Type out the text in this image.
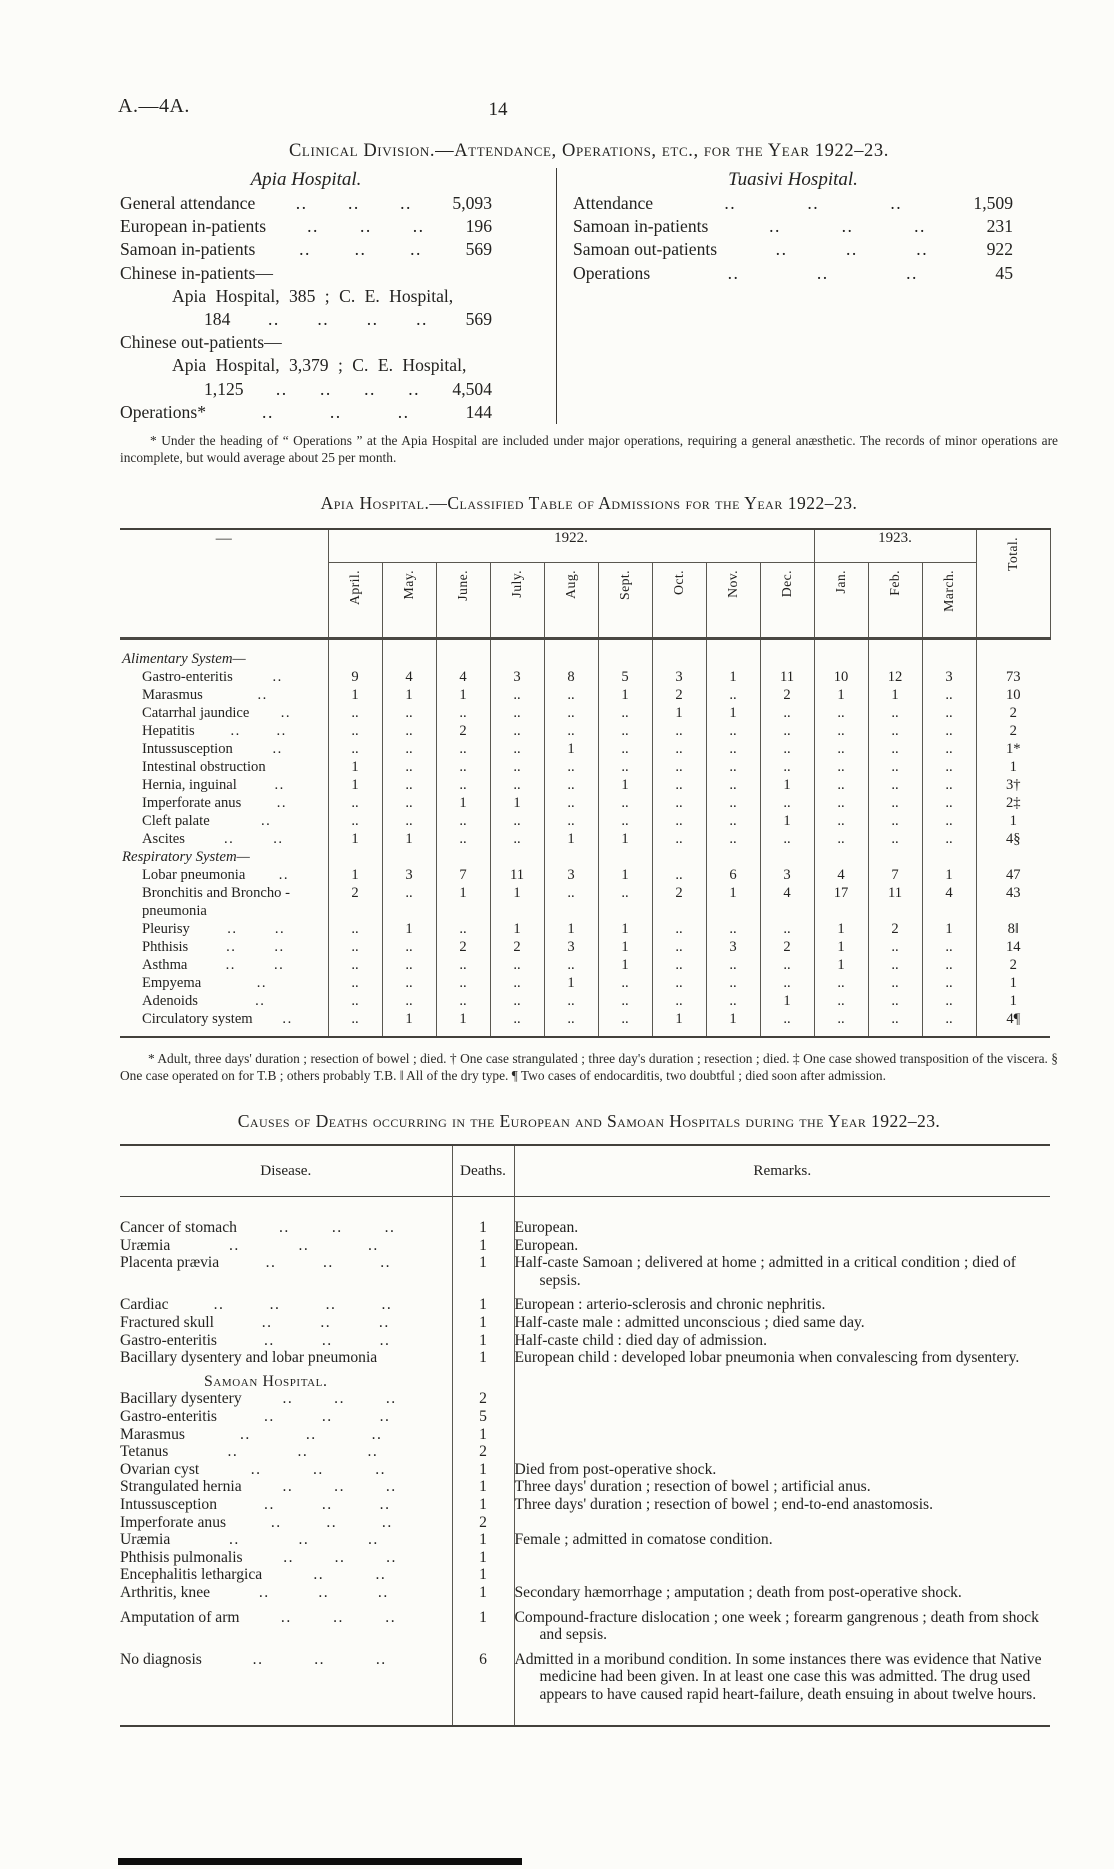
A.—4A.	14
Clinical Division.—Attendance, Operations, etc., for the Year 1922–23.
Apia Hospital.
General attendance .. .. .. 5,093
European in-patients .. .. .. 196
Samoan in-patients .. .. .. 569
Chinese in-patients—
Apia Hospital, 385 ; C. E. Hospital,
184 .. .. .. .. 569
Chinese out-patients—
Apia Hospital, 3,379 ; C. E. Hospital,
1,125 .. .. .. .. 4,504
Operations*	..	..	..	144
Tuasivi Hospital.
Attendance	..	..	..	1,509
Samoan in-patients	..	..	..	231
Samoan out-patients	..	..	..	922
Operations	..	..	..	45

* Under the heading of “ Operations ” at the Apia Hospital are included under major operations, requiring a general anæsthetic. The records of minor operations are incomplete, but would average about 25 per month.

Apia Hospital.—Classified Table of Admissions for the Year 1922–23.
—	1922.									1923.			Total.
	April.	May.	June.	July.	Aug.	Sept.	Oct.	Nov.	Dec.	Jan.	Feb.	March.	

Alimentary System—													

Gastro-enteritis ..	9	4	4	3	8	5	3	1	11	10	12	3	73

Marasmus ..	1	1	1	..	..	1	2	..	2	1	1	..	10

Catarrhal jaundice ..	..	..	..	..	..	..	1	1	..	..	..	..	2

Hepatitis .. ..	..	..	2	..	..	..	..	..	..	..	..	..	2

Intussusception ..	..	..	..	..	1	..	..	..	..	..	..	..	1*

Intestinal obstruction	1	..	..	..	..	..	..	..	..	..	..	..	1

Hernia, inguinal ..	1	..	..	..	..	1	..	..	1	..	..	..	3†

Imperforate anus ..	..	..	1	1	..	..	..	..	..	..	..	..	2‡

Cleft palate ..	..	..	..	..	..	..	..	..	1	..	..	..	1

Ascites .. ..	1	1	..	..	1	1	..	..	..	..	..	..	4§

Respiratory System—													

Lobar pneumonia ..	1	3	7	11	3	1	..	6	3	4	7	1	47

Bronchitis and Broncho - pneumonia	2	..	1	1	..	..	2	1	4	17	11	4	43

Pleurisy .. ..	..	1	..	1	1	1	..	..	..	1	2	1	8‖

Phthisis .. ..	..	..	2	2	3	1	..	3	2	1	..	..	14

Asthma .. ..	..	..	..	..	..	1	..	..	..	1	..	..	2

Empyema ..	..	..	..	..	1	..	..	..	..	..	..	..	1

Adenoids ..	..	..	..	..	..	..	..	..	1	..	..	..	1

Circulatory system ..	..	1	1	..	..	..	1	1	..	..	..	..	4¶

* Adult, three days' duration ; resection of bowel ; died. † One case strangulated ; three day's duration ; resection ; died. ‡ One case showed transposition of the viscera. § One case operated on for T.B ; others probably T.B. ‖ All of the dry type. ¶ Two cases of endocarditis, two doubtful ; died soon after admission.

Causes of Deaths occurring in the European and Samoan Hospitals during the Year 1922–23.
Disease.	Deaths.	Remarks.

Cancer of stomach .. .. ..	1	European.

Uræmia .. .. ..	1	European.

Placenta prævia .. .. ..	1	Half-caste Samoan ; delivered at home ; admitted in a critical condition ; died of sepsis.

Cardiac .. .. .. ..	1	European : arterio-sclerosis and chronic nephritis.

Fractured skull .. .. ..	1	Half-caste male : admitted unconscious ; died same day.

Gastro-enteritis .. .. ..	1	Half-caste child : died day of admission.

Bacillary dysentery and lobar pneumonia	1	European child : developed lobar pneumonia when convalescing from dysentery.

Samoan Hospital.		

Bacillary dysentery .. .. ..	2	

Gastro-enteritis .. .. ..	5	

Marasmus .. .. ..	1	

Tetanus .. .. ..	2	

Ovarian cyst .. .. ..	1	Died from post-operative shock.

Strangulated hernia .. .. ..	1	Three days' duration ; resection of bowel ; artificial anus.

Intussusception .. .. ..	1	Three days' duration ; resection of bowel ; end-to-end anastomosis.

Imperforate anus .. .. ..	2	

Uræmia .. .. ..	1	Female ; admitted in comatose condition.

Phthisis pulmonalis .. .. ..	1	

Encephalitis lethargica .. ..	1	

Arthritis, knee .. .. ..	1	Secondary hæmorrhage ; amputation ; death from post-operative shock.

Amputation of arm .. .. ..	1	Compound-fracture dislocation ; one week ; forearm gangrenous ; death from shock and sepsis.

No diagnosis	..	..	..	6	Admitted in a moribund condition. In some instances there was evidence that Native medicine had been given. In at least one case this was admitted. The drug used appears to have caused rapid heart-failure, death ensuing in about twelve hours.
